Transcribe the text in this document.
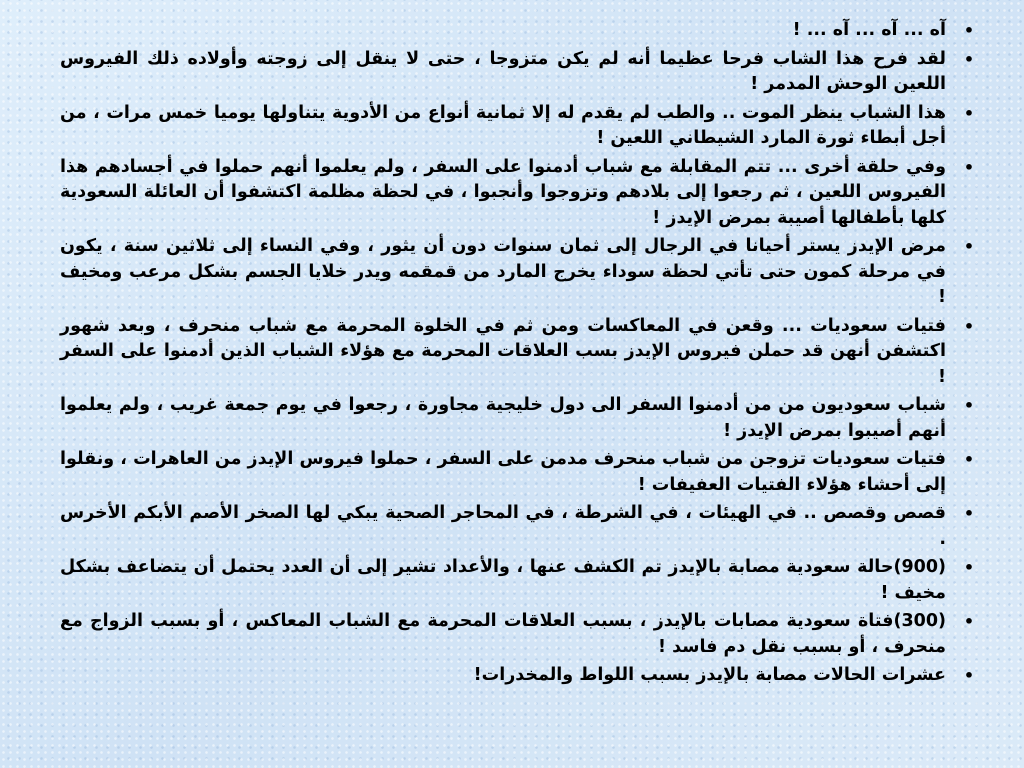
•
آه ... آه ... آه ... !
•
لقد فرح هذا الشاب فرحا عظيما أنه لم يكن متزوجا ، حتى لا ينقل إلى زوجته وأولاده ذلك الفيروس اللعين الوحش المدمر !
•
هذا الشباب ينظر الموت .. والطب لم يقدم له إلا ثمانية أنواع من الأدوية يتناولها يوميا خمس مرات ، من أجل أبطاء ثورة المارد الشيطاني اللعين !
•
وفي حلقة أخرى ... تتم المقابلة مع شباب أدمنوا على السفر ، ولم يعلموا أنهم حملوا في أجسادهم هذا الفيروس اللعين ، ثم رجعوا إلى بلادهم وتزوجوا وأنجبوا ، في لحظة مظلمة اكتشفوا أن العائلة السعودية كلها بأطفالها أصيبة بمرض الإيدز !
•
مرض الإيدز يستر أحيانا في الرجال إلى ثمان سنوات دون أن يثور ، وفي النساء إلى ثلاثين سنة ، يكون في مرحلة كمون حتى تأتي لحظة سوداء يخرج المارد من قمقمه ويدر خلايا الجسم بشكل مرعب ومخيف !
•
فتيات سعوديات ... وقعن في المعاكسات ومن ثم في الخلوة المحرمة مع شباب منحرف ، وبعد شهور اكتشفن أنهن قد حملن فيروس الإيدز بسب العلاقات المحرمة مع هؤلاء الشباب الذين أدمنوا على السفر !
•
شباب سعوديون من من أدمنوا السفر الى دول خليجية مجاورة ، رجعوا في يوم جمعة غريب ، ولم يعلموا أنهم أصيبوا بمرض الإيدز !
•
فتيات سعوديات تزوجن من شباب منحرف مدمن على السفر ، حملوا فيروس الإيدز من العاهرات ، ونقلوا إلى أحشاء هؤلاء الفتيات العفيفات !
•
قصص وقصص .. في الهيئات ، في الشرطة ، في المحاجر الصحية يبكي لها الصخر الأصم الأبكم الأخرس .
•
(900)حالة سعودية مصابة بالإيدز تم الكشف عنها ، والأعداد تشير إلى أن العدد يحتمل أن يتضاعف بشكل مخيف !
•
(300)فتاة سعودية مصابات بالإيدز ، بسبب العلاقات المحرمة مع الشباب المعاكس ، أو بسبب الزواج مع منحرف ، أو بسبب نقل دم فاسد !
•
عشرات الحالات مصابة بالإيدز بسبب اللواط والمخدرات!
